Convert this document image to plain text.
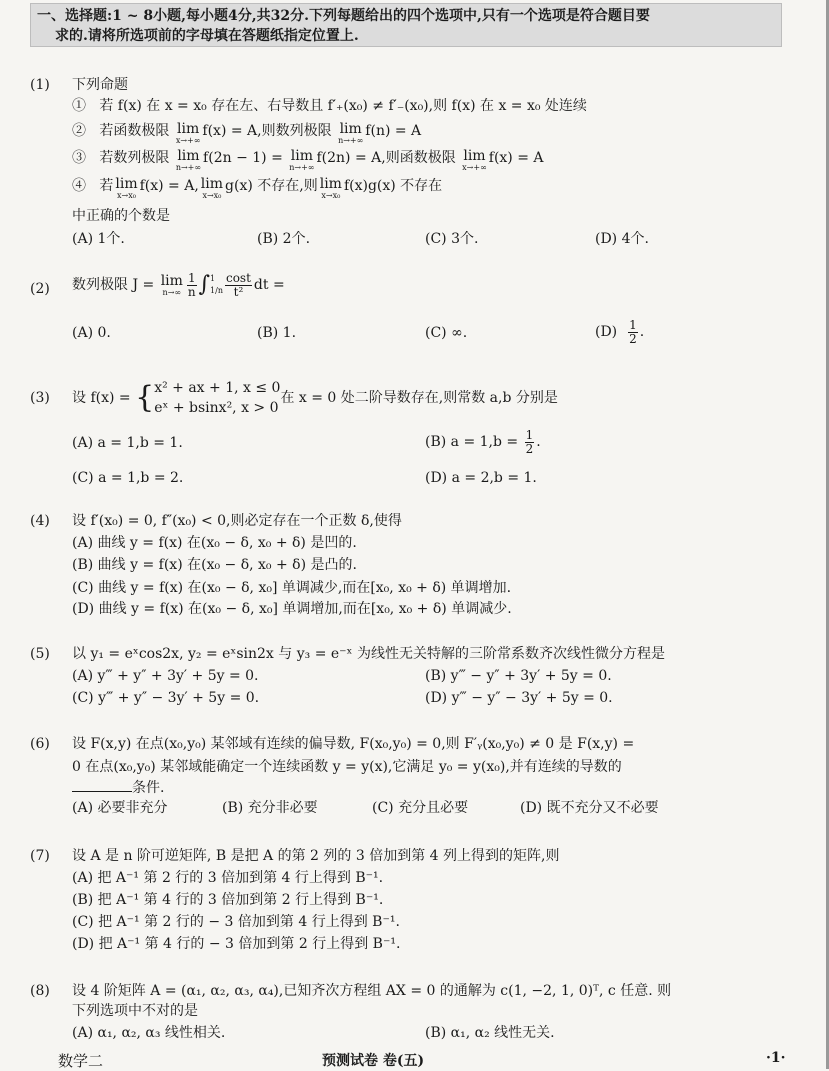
一、选择题:1 ~ 8小题,每小题4分,共32分.下列每题给出的四个选项中,只有一个选项是符合题目要
求的.请将所选项前的字母填在答题纸指定位置上.
(1) 下列命题
① 若 f(x) 在 x = x₀ 存在左、右导数且 f′₊(x₀) ≠ f′₋(x₀),则 f(x) 在 x = x₀ 处连续
② 若函数极限 lim
x→+∞
f(x) = A,则数列极限 lim
n→+∞
f(n) = A
③ 若数列极限 lim
n→+∞
f(2n − 1) = lim
n→+∞
f(2n) = A,则函数极限 lim
x→+∞
f(x) = A
④ 若 lim
x→x₀
f(x) = A, lim
x→x₀
g(x) 不存在,则 lim
x→x₀
f(x)g(x) 不存在
中正确的个数是
(A) 1个.	(B) 2个.	(C) 3个.	(D) 4个.
(2) 数列极限 J = lim
$n\to\infty \frac{1}{n}$ ∫ 1
$1/n \frac{\cos t}{\text{t²}}$ dt =
(A) 0.	(B) 1.	(C) ∞.	$(D) \frac{1}{2}$ .
(3) 设 f(x) = { x² + ax + 1, x ≤ 0
eˣ + bsinx², x > 0
在 x = 0 处二阶导数存在,则常数 a,b 分别是
(A) a = 1,b = 1.	(B) $a = 1,b = \frac{1}{2}$ .
(C) a = 1,b = 2.	(D) a = 2,b = 1.
(4) 设 f′(x₀) = 0, f″(x₀) < 0,则必定存在一个正数 δ,使得
(A) 曲线 y = f(x) 在(x₀ − δ, x₀ + δ) 是凹的.
(B) 曲线 y = f(x) 在(x₀ − δ, x₀ + δ) 是凸的.
(C) 曲线 y = f(x) 在(x₀ − δ, x₀] 单调减少,而在[x₀, x₀ + δ) 单调增加.
(D) 曲线 y = f(x) 在(x₀ − δ, x₀] 单调增加,而在[x₀, x₀ + δ) 单调减少.
(5) 以 y₁ = eˣcos2x, y₂ = eˣsin2x 与 y₃ = e⁻ˣ 为线性无关特解的三阶常系数齐次线性微分方程是
(A) y‴ + y″ + 3y′ + 5y = 0.	(B) y‴ − y″ + 3y′ + 5y = 0.
(C) y‴ + y″ − 3y′ + 5y = 0.	(D) y‴ − y″ − 3y′ + 5y = 0.
(6) 设 F(x,y) 在点(x₀,y₀) 某邻域有连续的偏导数, F(x₀,y₀) = 0,则 F′ᵧ(x₀,y₀) ≠ 0 是 F(x,y) =
0 在点(x₀,y₀) 某邻域能确定一个连续函数 y = y(x),它满足 y₀ = y(x₀),并有连续的导数的
条件.
(A) 必要非充分	(B) 充分非必要	(C) 充分且必要	(D) 既不充分又不必要
(7) 设 A 是 n 阶可逆矩阵, B 是把 A 的第 2 列的 3 倍加到第 4 列上得到的矩阵,则
(A) 把 A⁻¹ 第 2 行的 3 倍加到第 4 行上得到 B⁻¹.
(B) 把 A⁻¹ 第 4 行的 3 倍加到第 2 行上得到 B⁻¹.
(C) 把 A⁻¹ 第 2 行的 − 3 倍加到第 4 行上得到 B⁻¹.
(D) 把 A⁻¹ 第 4 行的 − 3 倍加到第 2 行上得到 B⁻¹.
(8) 设 4 阶矩阵 A = (α₁, α₂, α₃, α₄),已知齐次方程组 AX = 0 的通解为 c(1, −2, 1, 0)ᵀ, c 任意. 则
下列选项中不对的是
(A) α₁, α₂, α₃ 线性相关.	(B) α₁, α₂ 线性无关.
数学二	预测试卷 卷(五)	·1·
